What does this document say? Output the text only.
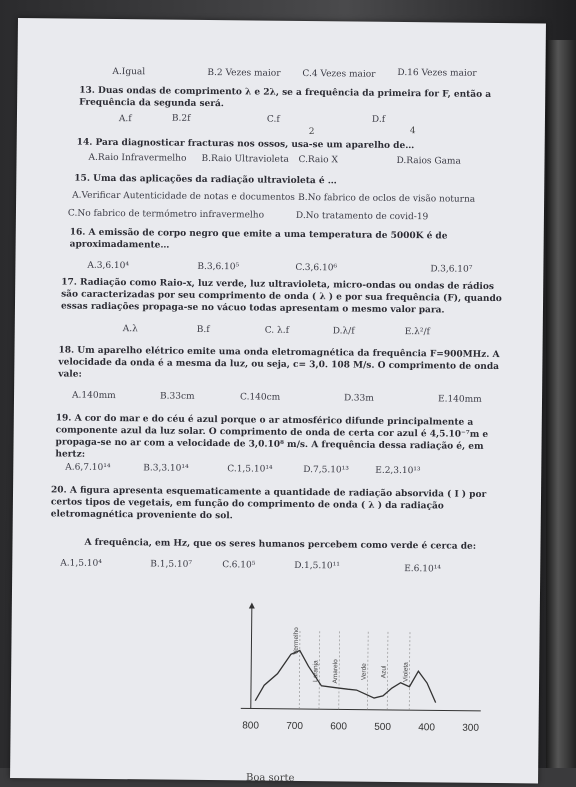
A.Igual	B.2 Vezes maior C.4 Vezes maior D.16 Vezes maior
13. Duas ondas de comprimento λ e 2λ, se a frequência da primeira for F, então a Frequência da segunda será.
A.f	B.2f	C.f	D.f
2	4
14. Para diagnosticar fracturas nos ossos, usa-se um aparelho de…
A.Raio Infravermelho B.Raio Ultravioleta C.Raio X	D.Raios Gama
15. Uma das aplicações da radiação ultravioleta é …
A.Verificar Autenticidade de notas e documentos B.No fabrico de oclos de visão noturna
C.No fabrico de termómetro infravermelho	D.No tratamento de covid-19
16. A emissão de corpo negro que emite a uma temperatura de 5000K é de aproximadamente…
A.3,6.10⁴	B.3,6.10⁵	C.3,6.10⁶	D.3,6.10⁷
17. Radiação como Raio-x, luz verde, luz ultravioleta, micro-ondas ou ondas de rádios são caracterizadas por seu comprimento de onda ( λ ) e por sua frequência (F), quando essas radiações propaga-se no vácuo todas apresentam o mesmo valor para.
A.λ	B.f	C. λ.f	D.λ/f	E.λ²/f
18. Um aparelho elétrico emite uma onda eletromagnética da frequência F=900MHz. A velocidade da onda é a mesma da luz, ou seja, c= 3,0. 108 M/s. O comprimento de onda vale:
A.140mm	B.33cm	C.140cm	D.33m	E.140mm
19. A cor do mar e do céu é azul porque o ar atmosférico difunde principalmente a componente azul da luz solar. O comprimento de onda de certa cor azul é 4,5.10⁻⁷m e propaga-se no ar com a velocidade de 3,0.10⁸ m/s. A frequência dessa radiação é, em hertz:
A.6,7.10¹⁴	B.3,3.10¹⁴	C.1,5.10¹⁴	D.7,5.10¹³	E.2,3.10¹³
20. A figura apresenta esquematicamente a quantidade de radiação absorvida ( I ) por certos tipos de vegetais, em função do comprimento de onda ( λ ) da radiação eletromagnética proveniente do sol.
A frequência, em Hz, que os seres humanos percebem como verde é cerca de:
A.1,5.10⁴	B.1,5.10⁷	C.6.10⁵	D.1,5.10¹¹	E.6.10¹⁴
Vermelho
Laranja Amarelo	Verde Azul Violeta
800	700	600	500	400	300
Boa sorte
